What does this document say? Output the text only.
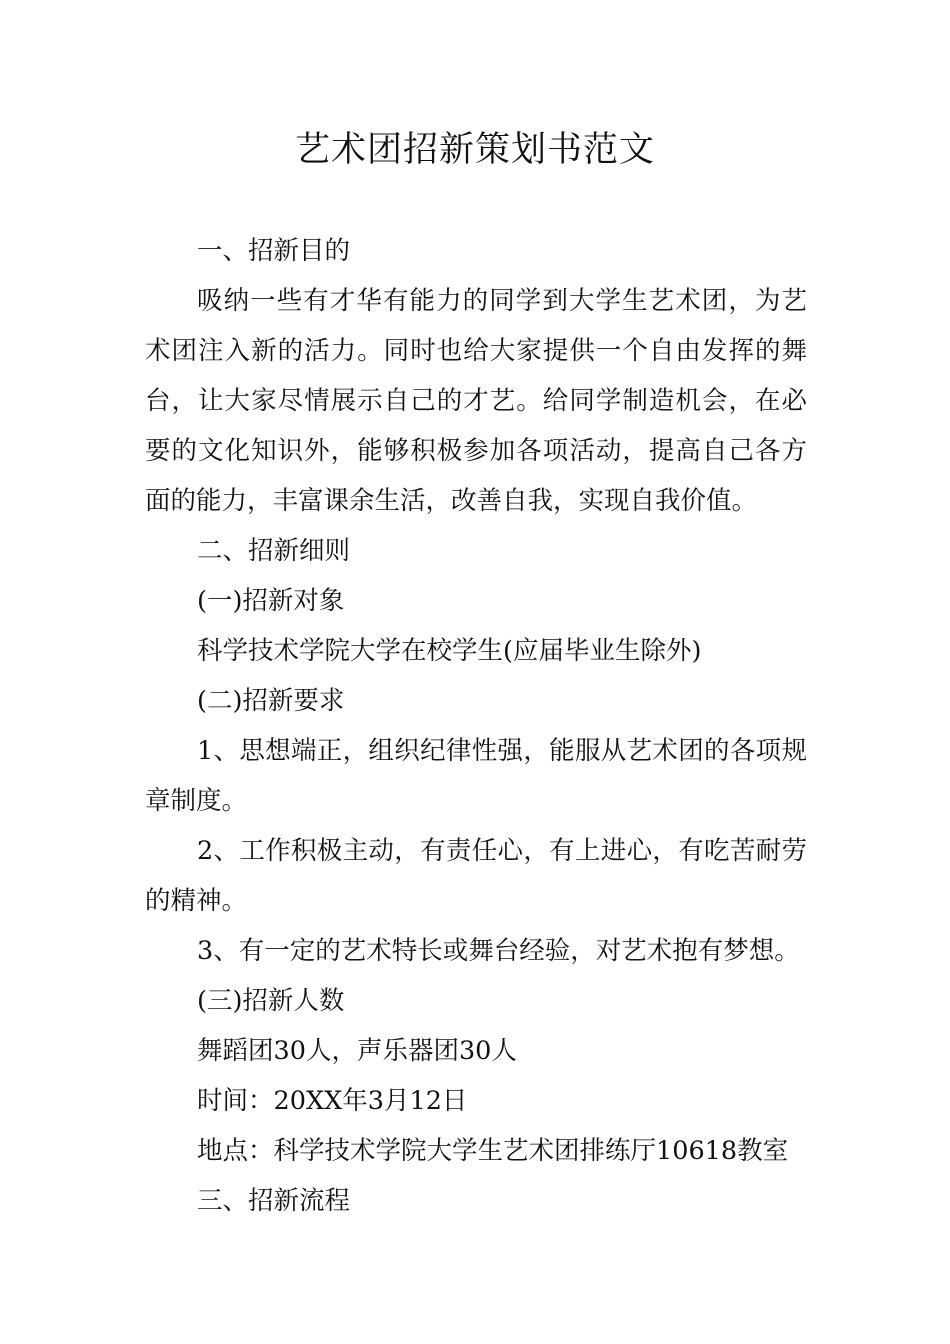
艺术团招新策划书范文

一、招新目的

吸纳一些有才华有能力的同学到大学生艺术团，为艺术团注入新的活力。同时也给大家提供一个自由发挥的舞台，让大家尽情展示自己的才艺。给同学制造机会，在必要的文化知识外，能够积极参加各项活动，提高自己各方面的能力，丰富课余生活，改善自我，实现自我价值。

二、招新细则

(一)招新对象

科学技术学院大学在校学生(应届毕业生除外)

(二)招新要求

1、思想端正，组织纪律性强，能服从艺术团的各项规章制度。

2、工作积极主动，有责任心，有上进心，有吃苦耐劳的精神。

3、有一定的艺术特长或舞台经验，对艺术抱有梦想。

(三)招新人数

舞蹈团30人，声乐器团30人

时间：20XX年3月12日

地点：科学技术学院大学生艺术团排练厅10618教室

三、招新流程
